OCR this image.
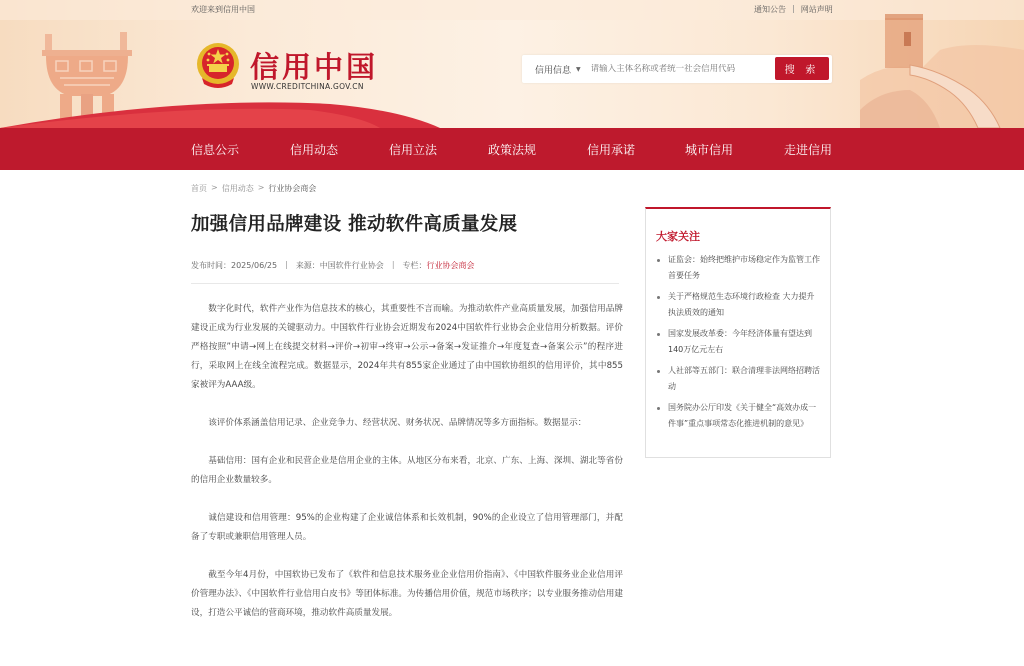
欢迎来到信用中国	通知公告 | 网站声明
信用中国
WWW.CREDITCHINA.GOV.CN
信用信息 ▼
请输入主体名称或者统一社会信用代码	搜 索
信息公示	信用动态	信用立法	政策法规	信用承诺	城市信用	走进信用
首页 > 信用动态 > 行业协会商会
加强信用品牌建设 推动软件高质量发展
发布时间：2025/06/25 | 来源：中国软件行业协会 | 专栏：行业协会商会

数字化时代，软件产业作为信息技术的核心，其重要性不言而喻。为推动软件产业高质量发展，加强信用品牌建设正成为行业发展的关键驱动力。中国软件行业协会近期发布2024中国软件行业协会企业信用分析数据。评价严格按照”申请→网上在线提交材料→评价→初审→终审→公示→备案→发证推介→年度复查→备案公示”的程序进行，采取网上在线全流程完成。数据显示，2024年共有855家企业通过了由中国软协组织的信用评价，其中855家被评为AAA级。

该评价体系涵盖信用记录、企业竞争力、经营状况、财务状况、品牌情况等多方面指标。数据显示：

基础信用：国有企业和民营企业是信用企业的主体。从地区分布来看，北京、广东、上海、深圳、湖北等省份的信用企业数量较多。

诚信建设和信用管理：95%的企业构建了企业诚信体系和长效机制，90%的企业设立了信用管理部门，并配备了专职或兼职信用管理人员。

截至今年4月份，中国软协已发布了《软件和信息技术服务业企业信用价指南》、《中国软件服务业企业信用评价管理办法》、《中国软件行业信用白皮书》等团体标准。为传播信用价值，规范市场秩序；以专业服务推动信用建设，打造公平诚信的营商环境，推动软件高质量发展。

大家关注
证监会：始终把维护市场稳定作为监管工作首要任务
关于严格规范生态环境行政检查 大力提升执法质效的通知
国家发展改革委：今年经济体量有望达到140万亿元左右
人社部等五部门：联合清理非法网络招聘活动
国务院办公厅印发《关于健全“高效办成一件事”重点事项常态化推进机制的意见》
